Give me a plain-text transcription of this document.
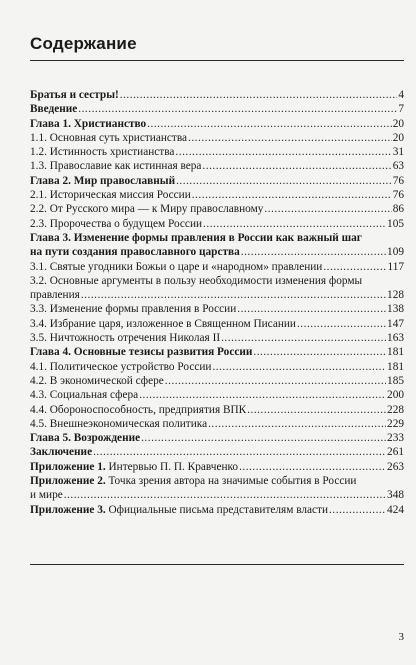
Содержание
Братья и сестры! .....	4
Введение .....	7
Глава 1. Христианство .....	20
1.1. Основная суть христианства .....	20
1.2. Истинность христианства .....	31
1.3. Православие как истинная вера .....	63
Глава 2. Мир православный .....	76
2.1. Историческая миссия России .....	76
2.2. От Русского мира — к Миру православному .....	86
2.3. Пророчества о будущем России .....	105
Глава 3. Изменение формы правления в России как важный шаг
на пути создания православного царства .....	109
3.1. Святые угодники Божьи о царе и «народном» правлении .....	117
3.2. Основные аргументы в пользу необходимости изменения формы
правления .....	128
3.3. Изменение формы правления в России .....	138
3.4. Избрание царя, изложенное в Священном Писании .....	147
3.5. Ничтожность отречения Николая II .....	163
Глава 4. Основные тезисы развития России .....	181
4.1. Политическое устройство России .....	181
4.2. В экономической сфере .....	185
4.3. Социальная сфера .....	200
4.4. Обороноспособность, предприятия ВПК .....	228
4.5. Внешнеэкономическая политика .....	229
Глава 5. Возрождение .....	233
Заключение .....	261
Приложение 1. Интервью П. П. Кравченко .....	263
Приложение 2. Точка зрения автора на значимые события в России
и мире .....	348
Приложение 3. Официальные письма представителям власти .....	424
3
